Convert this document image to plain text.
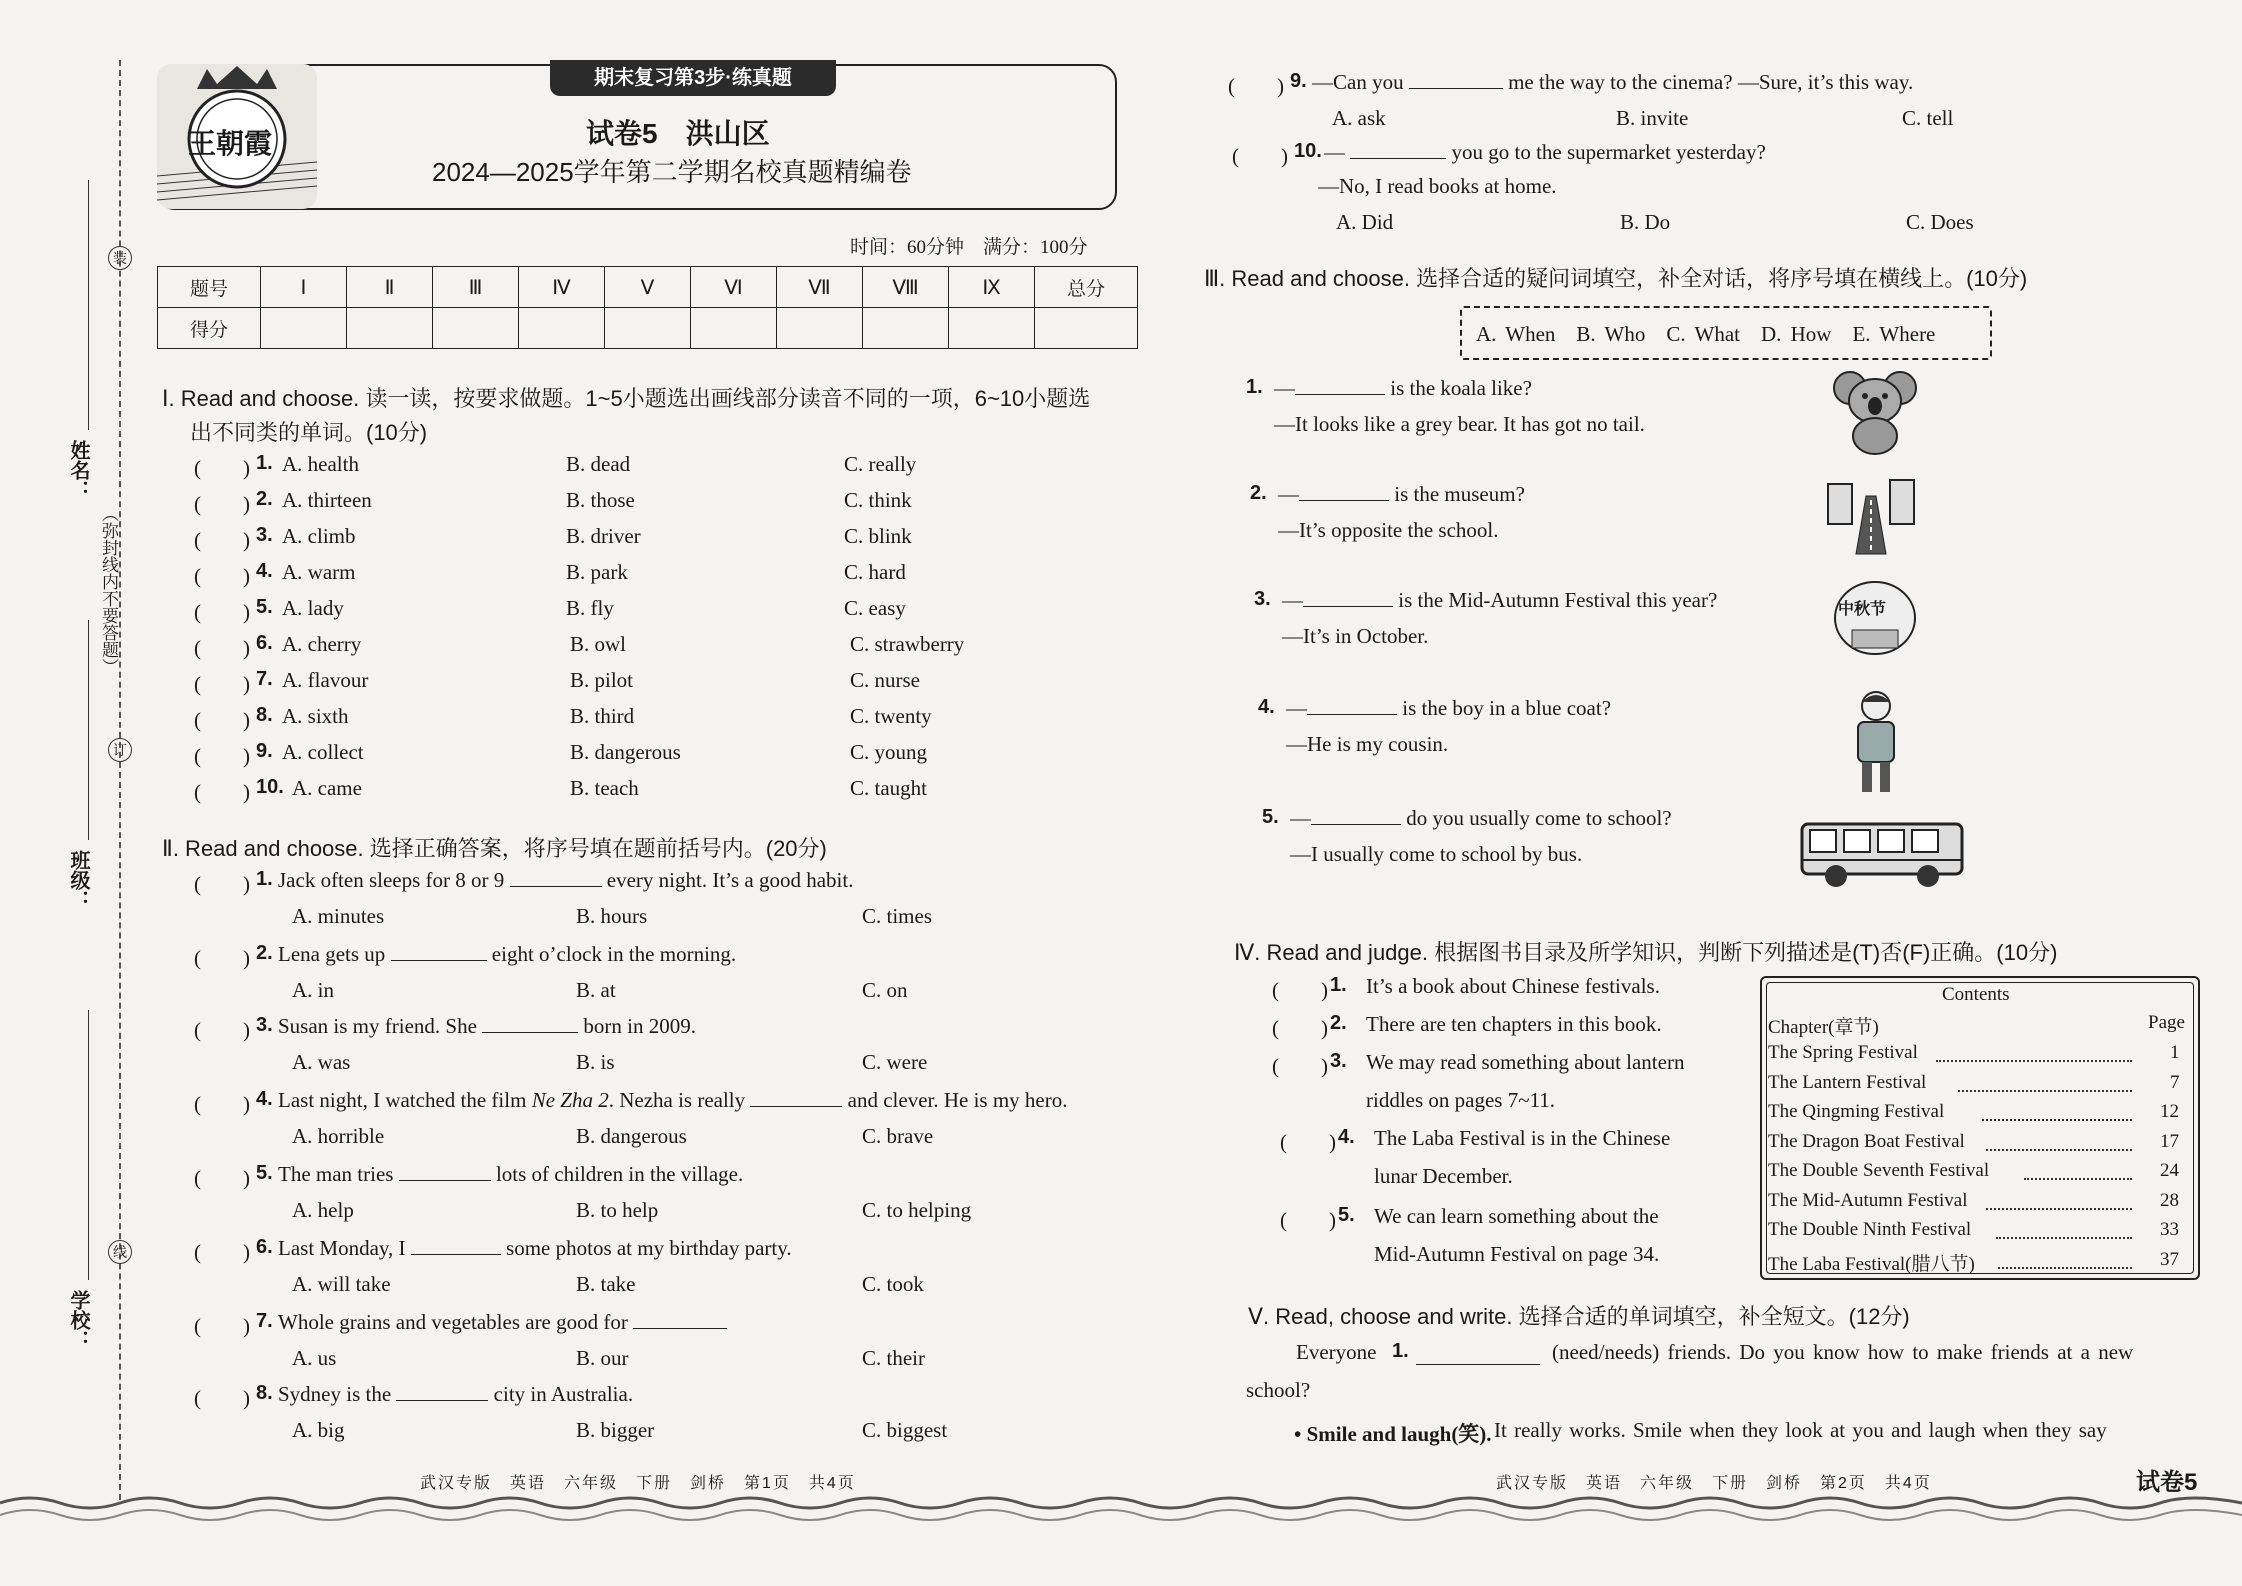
装
订
线
（弥封线内不要答题）
姓名：
班级：
学校：
王朝霞
期末复习第3步·练真题
试卷5　洪山区
2024—2025学年第二学期名校真题精编卷
时间：60分钟　满分：100分
题号	Ⅰ	Ⅱ	Ⅲ	Ⅳ	Ⅴ	Ⅵ	Ⅶ	Ⅷ	Ⅸ	总分
得分										
Ⅰ. Read and choose. 读一读，按要求做题。1~5小题选出画线部分读音不同的一项，6~10小题选
出不同类的单词。(10分)
(　　) 1. A. health	B. dead	C. really
(　　) 2. A. thirteen	B. those	C. think
(　　) 3. A. climb	B. driver	C. blink
(　　) 4. A. warm	B. park	C. hard
(　　) 5. A. lady	B. fly	C. easy
(　　) 6. A. cherry	B. owl	C. strawberry
(　　) 7. A. flavour	B. pilot	C. nurse
(　　) 8. A. sixth	B. third	C. twenty
(　　) 9. A. collect	B. dangerous	C. young
(　　) 10. A. came	B. teach	C. taught
Ⅱ. Read and choose. 选择正确答案，将序号填在题前括号内。(20分)
(　　) 1. Jack often sleeps for 8 or 9	every night. It’s a good habit.
A. minutes	B. hours	C. times
(　　) 2. Lena gets up	eight o’clock in the morning.
A. in	B. at	C. on
(　　) 3. Susan is my friend. She	born in 2009.
A. was	B. is	C. were
(　　) 4. Last night, I watched the film Ne Zha 2. Nezha is really	and clever. He is my hero.
A. horrible	B. dangerous	C. brave
(　　) 5. The man tries	lots of children in the village.
A. help	B. to help	C. to helping
(　　) 6. Last Monday, I	some photos at my birthday party.
A. will take	B. take	C. took
(　　) 7. Whole grains and vegetables are good for
A. us	B. our	C. their
(　　) 8. Sydney is the	city in Australia.
A. big	B. bigger	C. biggest
(　　) 9. —Can you	me the way to the cinema? —Sure, it’s this way.
A. ask	B. invite	C. tell
(　　) 10. —	you go to the supermarket yesterday?
—No, I read books at home.
A. Did	B. Do	C. Does
Ⅲ. Read and choose. 选择合适的疑问词填空，补全对话，将序号填在横线上。(10分)
A. When　B. Who　C. What　D. How　E. Where
1. —	is the koala like?
—It looks like a grey bear. It has got no tail.
2. —	is the museum?
—It’s opposite the school.
3. —	is the Mid-Autumn Festival this year?
—It’s in October.
4. —	is the boy in a blue coat?
—He is my cousin.
5. —	do you usually come to school?
—I usually come to school by bus.
中秋节
Ⅳ. Read and judge. 根据图书目录及所学知识，判断下列描述是(T)否(F)正确。(10分)
(　　) 1. It’s a book about Chinese festivals.
(　　) 2. There are ten chapters in this book.
(　　) 3. We may read something about lantern
riddles on pages 7~11.
(　　) 4. The Laba Festival is in the Chinese
lunar December.
(　　) 5. We can learn something about the
Mid-Autumn Festival on page 34.
Contents
Chapter(章节)	Page
The Spring Festival	1
The Lantern Festival	7
The Qingming Festival	12
The Dragon Boat Festival	17
The Double Seventh Festival	24
The Mid-Autumn Festival	28
The Double Ninth Festival	33
The Laba Festival(腊八节)	37
Ⅴ. Read, choose and write. 选择合适的单词填空，补全短文。(12分)
Everyone 1.	(need/needs) friends. Do you know how to make friends at a new
school?
• Smile and laugh(笑). It really works. Smile when they look at you and laugh when they say
武汉专版　英语　六年级　下册　剑桥　第1页　共4页	武汉专版　英语　六年级　下册　剑桥　第2页　共4页	试卷5
